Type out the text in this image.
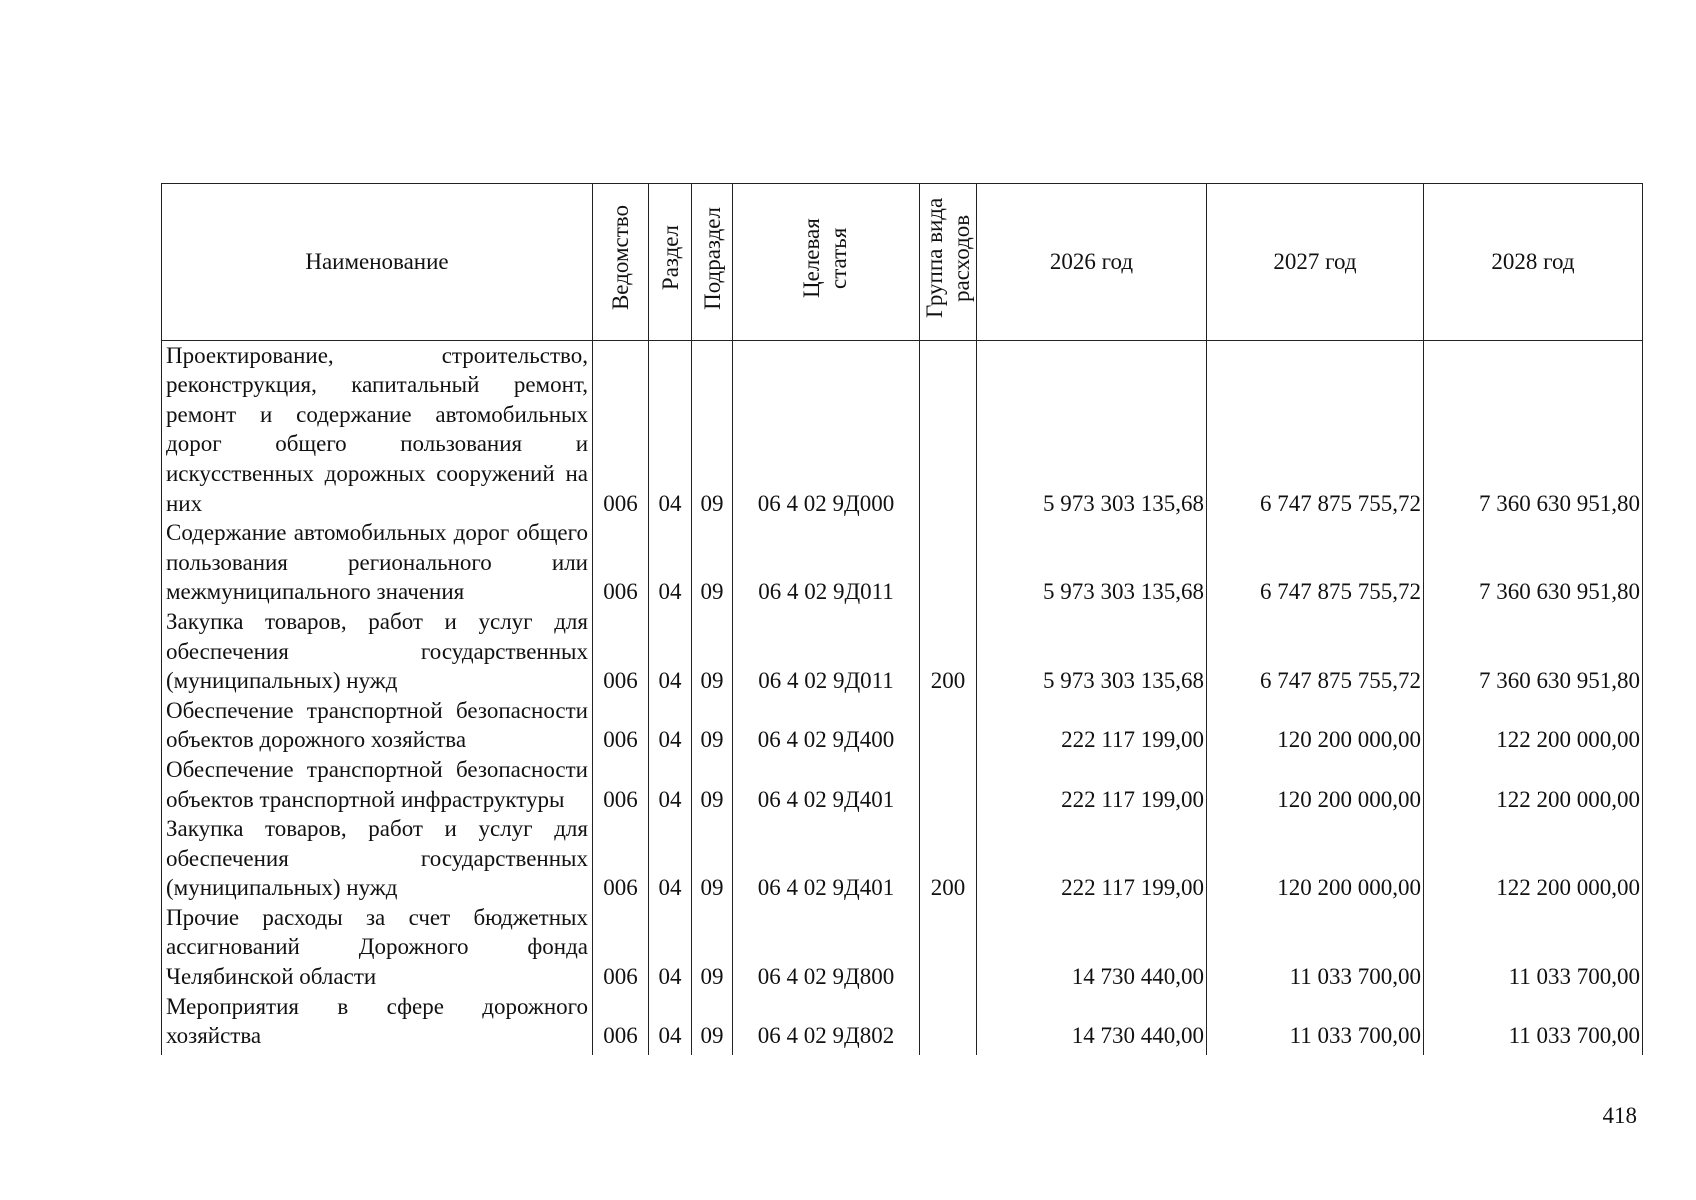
Наименование	Ведомство	Раздел	Подраздел	Целевая статья	Группа вида расходов	2026 год	2027 год	2028 год
Проектирование, строительство, реконструкция, капитальный ремонт, ремонт и содержание автомобильных дорог общего пользования и искусственных дорожных сооружений на них	006	04	09	06 4 02 9Д000		5 973 303 135,68	6 747 875 755,72	7 360 630 951,80
Содержание автомобильных дорог общего пользования регионального или межмуниципального значения	006	04	09	06 4 02 9Д011		5 973 303 135,68	6 747 875 755,72	7 360 630 951,80
Закупка товаров, работ и услуг для обеспечения государственных (муниципальных) нужд	006	04	09	06 4 02 9Д011	200	5 973 303 135,68	6 747 875 755,72	7 360 630 951,80
Обеспечение транспортной безопасности объектов дорожного хозяйства	006	04	09	06 4 02 9Д400		222 117 199,00	120 200 000,00	122 200 000,00
Обеспечение транспортной безопасности объектов транспортной инфраструктуры	006	04	09	06 4 02 9Д401		222 117 199,00	120 200 000,00	122 200 000,00
Закупка товаров, работ и услуг для обеспечения государственных (муниципальных) нужд	006	04	09	06 4 02 9Д401	200	222 117 199,00	120 200 000,00	122 200 000,00
Прочие расходы за счет бюджетных ассигнований Дорожного фонда Челябинской области	006	04	09	06 4 02 9Д800		14 730 440,00	11 033 700,00	11 033 700,00
Мероприятия в сфере дорожного хозяйства	006	04	09	06 4 02 9Д802		14 730 440,00	11 033 700,00	11 033 700,00
418
